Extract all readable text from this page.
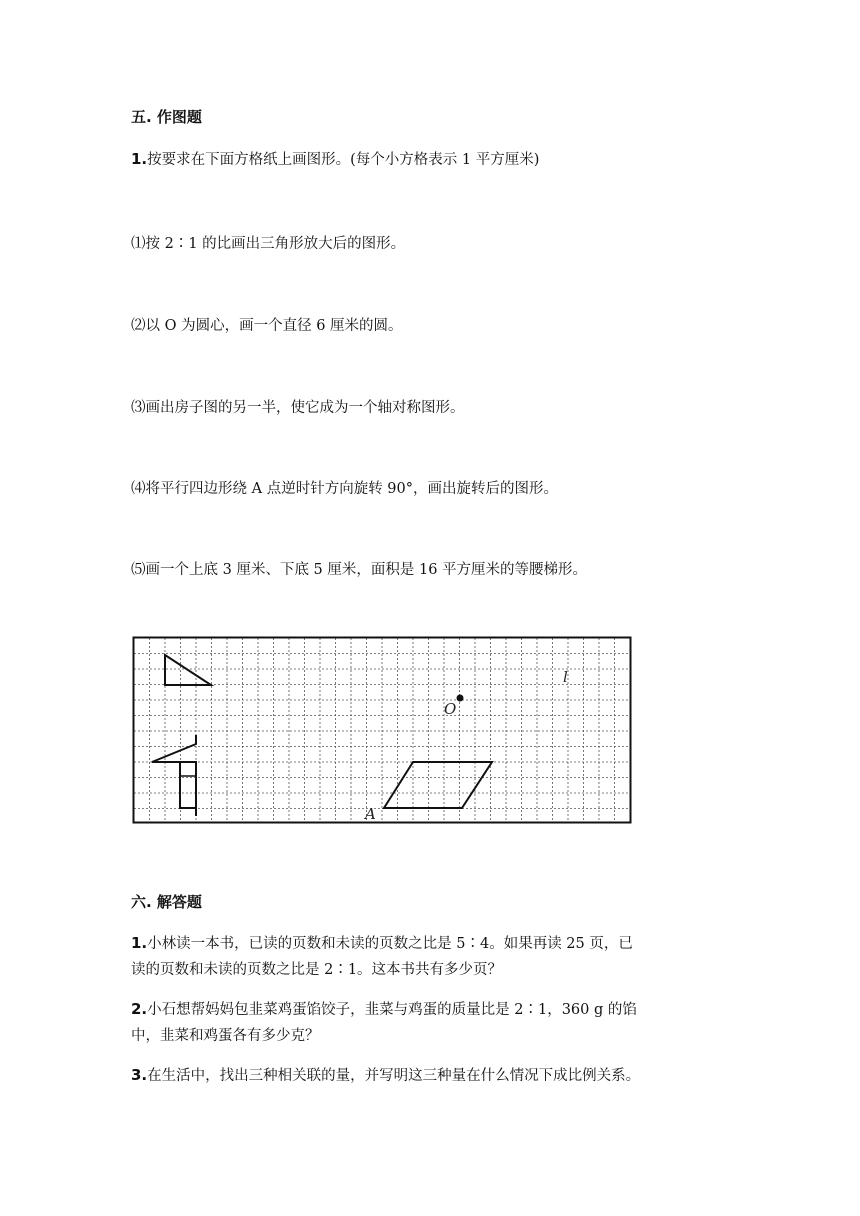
五. 作图题
1.按要求在下面方格纸上画图形。(每个小方格表示 1 平方厘米)
⑴按 2∶1 的比画出三角形放大后的图形。
⑵以 O 为圆心，画一个直径 6 厘米的圆。
⑶画出房子图的另一半，使它成为一个轴对称图形。
⑷将平行四边形绕 A 点逆时针方向旋转 90°，画出旋转后的图形。
⑸画一个上底 3 厘米、下底 5 厘米，面积是 16 平方厘米的等腰梯形。
O
l
A
六. 解答题
1.小林读一本书，已读的页数和未读的页数之比是 5∶4。如果再读 25 页，已
读的页数和未读的页数之比是 2∶1。这本书共有多少页？
2.小石想帮妈妈包韭菜鸡蛋馅饺子，韭菜与鸡蛋的质量比是 2∶1，360 g 的馅
中，韭菜和鸡蛋各有多少克？
3.在生活中，找出三种相关联的量，并写明这三种量在什么情况下成比例关系。
